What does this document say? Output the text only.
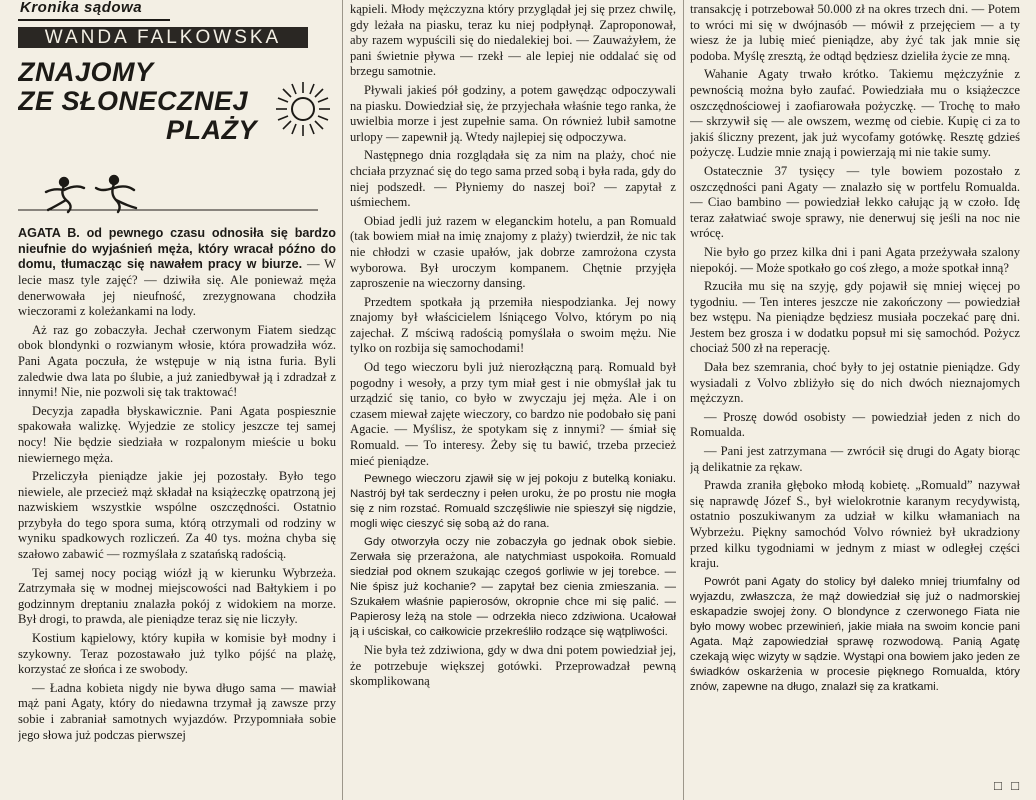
Kronika sądowa
WANDA FALKOWSKA
ZNAJOMY
ZE SŁONECZNEJ
PLAŻY

AGATA B. od pewnego czasu odnosiła się bardzo nieufnie do wyjaśnień męża, który wracał późno do domu, tłumacząc się nawałem pracy w biurze. — W lecie masz tyle zajęć? — dziwiła się. Ale ponieważ męża denerwowała jej nieufność, zrezygnowana chodziła wieczorami z koleżankami na lody.

Aż raz go zobaczyła. Jechał czerwonym Fiatem siedząc obok blondynki o rozwianym włosie, która prowadziła wóz. Pani Agata poczuła, że wstępuje w nią istna furia. Byli zaledwie dwa lata po ślubie, a już zaniedbywał ją i zdradzał z innymi! Nie, nie pozwoli się tak traktować!

Decyzja zapadła błyskawicznie. Pani Agata pospiesznie spakowała walizkę. Wyjedzie ze stolicy jeszcze tej samej nocy! Nie będzie siedziała w rozpalonym mieście u boku niewiernego męża.

Przeliczyła pieniądze jakie jej pozostały. Było tego niewiele, ale przecież mąż składał na książeczkę opatrzoną jej nazwiskiem wszystkie wspólne oszczędności. Ostatnio przybyła do tego spora suma, którą otrzymali od rodziny w wyniku spadkowych rozliczeń. Za 40 tys. można chyba się szałowo zabawić — rozmyślała z szatańską radością.

Tej samej nocy pociąg wiózł ją w kierunku Wybrzeża. Zatrzymała się w modnej miejscowości nad Bałtykiem i po godzinnym dreptaniu znalazła pokój z widokiem na morze. Był drogi, to prawda, ale pieniądze teraz się nie liczyły.

Kostium kąpielowy, który kupiła w komisie był modny i szykowny. Teraz pozostawało już tylko pójść na plażę, korzystać ze słońca i ze swobody.

— Ładna kobieta nigdy nie bywa długo sama — mawiał mąż pani Agaty, który do niedawna trzymał ją zawsze przy sobie i zabraniał samotnych wyjazdów. Przypomniała sobie jego słowa już podczas pierwszej

kąpieli. Młody mężczyzna który przyglądał jej się przez chwilę, gdy leżała na piasku, teraz ku niej podpłynął. Zaproponował, aby razem wypuścili się do niedalekiej boi. — Zauważyłem, że pani świetnie pływa — rzekł — ale lepiej nie oddalać się od brzegu samotnie.

Pływali jakieś pół godziny, a potem gawędząc odpoczywali na piasku. Dowiedział się, że przyjechała właśnie tego ranka, że uwielbia morze i jest zupełnie sama. On również lubił samotne urlopy — zapewnił ją. Wtedy najlepiej się odpoczywa.

Następnego dnia rozglądała się za nim na plaży, choć nie chciała przyznać się do tego sama przed sobą i była rada, gdy do niej podszedł. — Płyniemy do naszej boi? — zapytał z uśmiechem.

Obiad jedli już razem w eleganckim hotelu, a pan Romuald (tak bowiem miał na imię znajomy z plaży) twierdził, że nic tak nie chłodzi w czasie upałów, jak dobrze zamrożona czysta wyborowa. Był uroczym kompanem. Chętnie przyjęła zaproszenie na wieczorny dansing.

Przedtem spotkała ją przemiła niespodzianka. Jej nowy znajomy był właścicielem lśniącego Volvo, którym po nią zajechał. Z mściwą radością pomyślała o swoim mężu. Nie tylko on rozbija się samochodami!

Od tego wieczoru byli już nierozłączną parą. Romuald był pogodny i wesoły, a przy tym miał gest i nie obmyślał jak tu urządzić się tanio, co było w zwyczaju jej męża. Ale i on czasem miewał zajęte wieczory, co bardzo nie podobało się pani Agacie. — Myślisz, że spotykam się z innymi? — śmiał się Romuald. — To interesy. Żeby się tu bawić, trzeba przecież mieć pieniądze.

Pewnego wieczoru zjawił się w jej pokoju z butelką koniaku. Nastrój był tak serdeczny i pełen uroku, że po prostu nie mogła się z nim rozstać. Romuald szczęśliwie nie spieszył się nigdzie, mogli więc cieszyć się sobą aż do rana.

Gdy otworzyła oczy nie zobaczyła go jednak obok siebie. Zerwała się przerażona, ale natychmiast uspokoiła. Romuald siedział pod oknem szukając czegoś gorliwie w jej torebce. — Nie śpisz już kochanie? — zapytał bez cienia zmieszania. — Szukałem właśnie papierosów, okropnie chce mi się palić. — Papierosy leżą na stole — odrzekła nieco zdziwiona. Ucałował ją i uściskał, co całkowicie przekreśliło rodzące się wątpliwości.

Nie była też zdziwiona, gdy w dwa dni potem powiedział jej, że potrzebuje większej gotówki. Przeprowadzał pewną skomplikowaną

transakcję i potrzebował 50.000 zł na okres trzech dni. — Potem to wróci mi się w dwójnasób — mówił z przejęciem — a ty wiesz że ja lubię mieć pieniądze, aby żyć tak jak mnie się podoba. Myślę zresztą, że odtąd będziesz dzieliła życie ze mną.

Wahanie Agaty trwało krótko. Takiemu mężczyźnie z pewnością można było zaufać. Powiedziała mu o książeczce oszczędnościowej i zaofiarowała pożyczkę. — Trochę to mało — skrzywił się — ale owszem, wezmę od ciebie. Kupię ci za to jakiś śliczny prezent, jak już wycofamy gotówkę. Resztę gdzieś pożyczę. Ludzie mnie znają i powierzają mi nie takie sumy.

Ostatecznie 37 tysięcy — tyle bowiem pozostało z oszczędności pani Agaty — znalazło się w portfelu Romualda. — Ciao bambino — powiedział lekko całując ją w czoło. Idę teraz załatwiać swoje sprawy, nie denerwuj się jeśli na noc nie wrócę.

Nie było go przez kilka dni i pani Agata przeżywała szalony niepokój. — Może spotkało go coś złego, a może spotkał inną?

Rzuciła mu się na szyję, gdy pojawił się mniej więcej po tygodniu. — Ten interes jeszcze nie zakończony — powiedział bez wstępu. Na pieniądze będziesz musiała poczekać parę dni. Jestem bez grosza i w dodatku popsuł mi się samochód. Pożycz chociaż 500 zł na reperację.

Dała bez szemrania, choć były to jej ostatnie pieniądze. Gdy wysiadali z Volvo zbliżyło się do nich dwóch nieznajomych mężczyzn.

— Proszę dowód osobisty — powiedział jeden z nich do Romualda.

— Pani jest zatrzymana — zwrócił się drugi do Agaty biorąc ją delikatnie za rękaw.

Prawda zraniła głęboko młodą kobietę. „Romuald” nazywał się naprawdę Józef S., był wielokrotnie karanym recydywistą, ostatnio poszukiwanym za udział w kilku włamaniach na Wybrzeżu. Piękny samochód Volvo również był ukradziony przed kilku tygodniami w jednym z miast w odległej części kraju.

Powrót pani Agaty do stolicy był daleko mniej triumfalny od wyjazdu, zwłaszcza, że mąż dowiedział się już o nadmorskiej eskapadzie swojej żony. O blondynce z czerwonego Fiata nie było mowy wobec przewinień, jakie miała na swoim koncie pani Agata. Mąż zapowiedział sprawę rozwodową. Panią Agatę czekają więc wizyty w sądzie. Wystąpi ona bowiem jako jeden ze świadków oskarżenia w procesie pięknego Romualda, który znów, zapewne na długo, znalazł się za kratkami.

□ □
